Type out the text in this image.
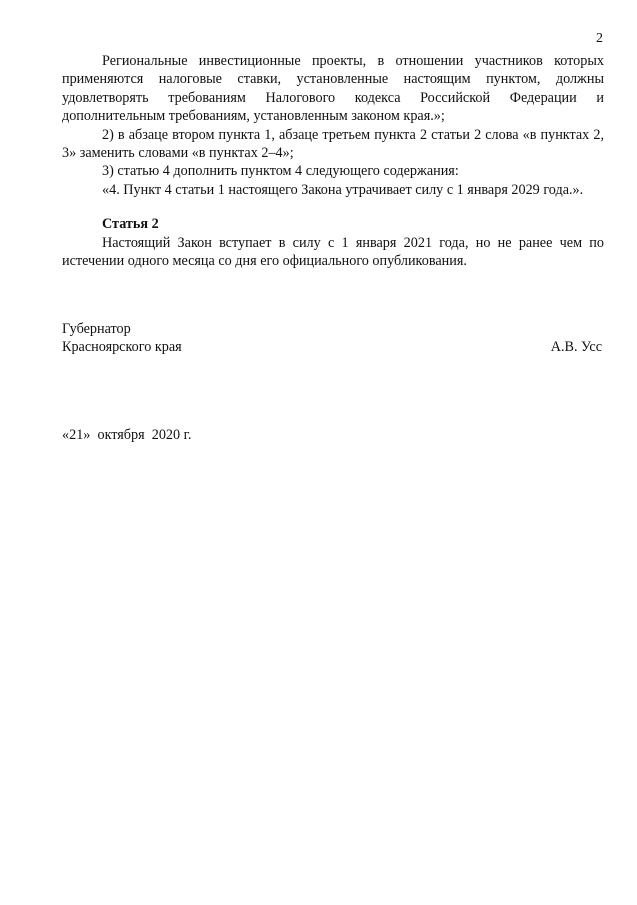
2

Региональные инвестиционные проекты, в отношении участников которых применяются налоговые ставки, установленные настоящим пунктом, должны удовлетворять требованиям Налогового кодекса Российской Федерации и дополнительным требованиям, установленным законом края.»;

2) в абзаце втором пункта 1, абзаце третьем пункта 2 статьи 2 слова «в пунктах 2, 3» заменить словами «в пунктах 2–4»;

3) статью 4 дополнить пунктом 4 следующего содержания:

«4. Пункт 4 статьи 1 настоящего Закона утрачивает силу с 1 января 2029 года.».

Статья 2

Настоящий Закон вступает в силу с 1 января 2021 года, но не ранее чем по истечении одного месяца со дня его официального опубликования.

Губернатор
Красноярского края	А.В. Усс
«21»  октября  2020 г.
